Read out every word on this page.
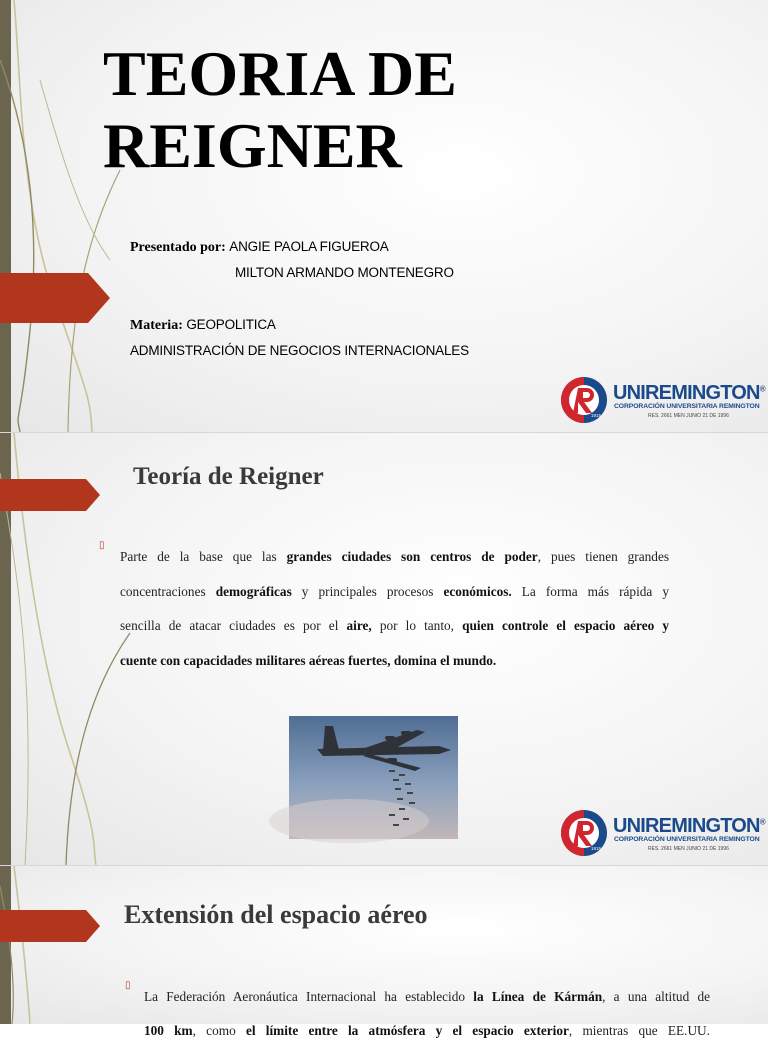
TEORIA DE
REIGNER
Presentado por: ANGIE PAOLA FIGUEROA
MILTON ARMANDO MONTENEGRO
Materia: GEOPOLITICA
ADMINISTRACIÓN DE NEGOCIOS INTERNACIONALES
1915
UNIREMINGTON®
CORPORACIÓN UNIVERSITARIA REMINGTON
RES. 2661 MEN JUNIO 21 DE 1996
Teoría de Reigner
▯
Parte de la base que las grandes ciudades son centros de poder, pues tienen grandes
concentraciones demográficas y principales procesos económicos. La forma más rápida y
sencilla de atacar ciudades es por el aire, por lo tanto, quien controle el espacio aéreo y
cuente con capacidades militares aéreas fuertes, domina el mundo.
1915
UNIREMINGTON®
CORPORACIÓN UNIVERSITARIA REMINGTON
RES. 2661 MEN JUNIO 21 DE 1996
Extensión del espacio aéreo
▯
La Federación Aeronáutica Internacional ha establecido la Línea de Kármán, a una altitud de
100 km, como el límite entre la atmósfera y el espacio exterior, mientras que EE.UU.
